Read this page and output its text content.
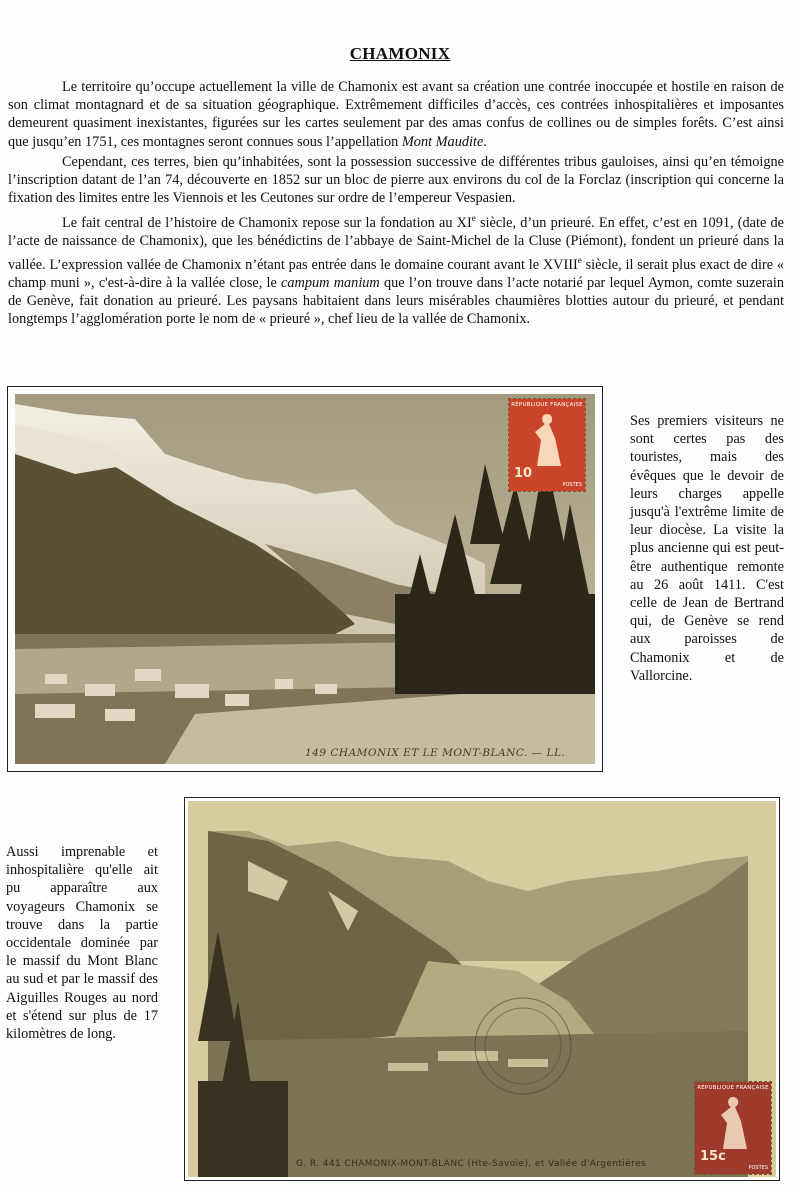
CHAMONIX

Le territoire qu’occupe actuellement la ville de Chamonix est avant sa création une contrée inoccupée et hostile en raison de son climat montagnard et de sa situation géographique. Extrêmement difficiles d’accès, ces contrées inhospitalières et imposantes demeurent quasiment inexistantes, figurées sur les cartes seulement par des amas confus de collines ou de simples forêts. C’est ainsi que jusqu’en 1751, ces montagnes seront connues sous l’appellation Mont Maudite.

Cependant, ces terres, bien qu’inhabitées, sont la possession successive de différentes tribus gauloises, ainsi qu’en témoigne l’inscription datant de l’an 74, découverte en 1852 sur un bloc de pierre aux environs du col de la Forclaz (inscription qui concerne la fixation des limites entre les Viennois et les Ceutones sur ordre de l’empereur Vespasien.

Le fait central de l’histoire de Chamonix repose sur la fondation au XIe siècle, d’un prieuré. En effet, c’est en 1091, (date de l’acte de naissance de Chamonix), que les bénédictins de l’abbaye de Saint-Michel de la Cluse (Piémont), fondent un prieuré dans la vallée. L’expression vallée de Chamonix n’étant pas entrée dans le domaine courant avant le XVIIIe siècle, il serait plus exact de dire « champ muni », c'est-à-dire à la vallée close, le campum manium que l’on trouve dans l’acte notarié par lequel Aymon, comte suzerain de Genève, fait donation au prieuré. Les paysans habitaient dans leurs misérables chaumières blotties autour du prieuré, et pendant longtemps l’agglomération porte le nom de « prieuré », chef lieu de la vallée de Chamonix.

RÉPUBLIQUE FRANÇAISE
10
POSTES
149 CHAMONIX ET LE MONT-BLANC. — LL.
Ses premiers visiteurs ne sont certes pas des touristes, mais des évêques que le devoir de leurs charges appelle jusqu'à l'extrême limite de leur diocèse. La visite la plus ancienne qui est peut-être authentique remonte au 26 août 1411. C'est celle de Jean de Bertrand qui, de Genève se rend aux paroisses de Chamonix et de Vallorcine.
Aussi imprenable et inhospitalière qu'elle ait pu apparaître aux voyageurs Chamonix se trouve dans la partie occidentale dominée par le massif du Mont Blanc au sud et par le massif des Aiguilles Rouges au nord et s'étend sur plus de 17 kilomètres de long.
RÉPUBLIQUE FRANÇAISE
15c
POSTES
G. R. 441 CHAMONIX-MONT-BLANC (Hte-Savoie), et Vallée d'Argentières
